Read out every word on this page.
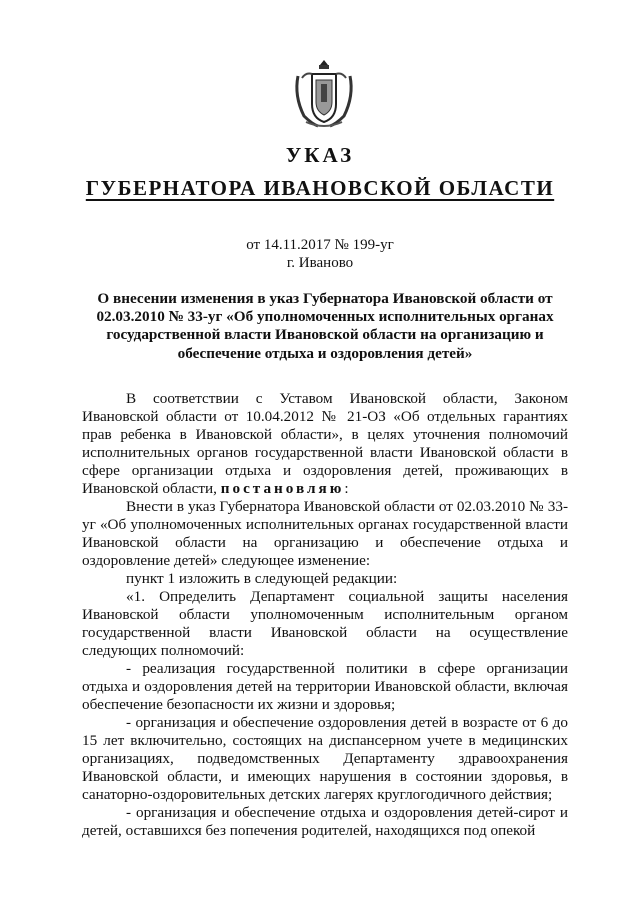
УКАЗ
ГУБЕРНАТОРА ИВАНОВСКОЙ ОБЛАСТИ
от 14.11.2017 № 199-уг
г. Иваново
О внесении изменения в указ Губернатора Ивановской области от 02.03.2010 № 33-уг «Об уполномоченных исполнительных органах государственной власти Ивановской области на организацию и обеспечение отдыха и оздоровления детей»

В соответствии с Уставом Ивановской области, Законом Ивановской области от 10.04.2012 № 21-ОЗ «Об отдельных гарантиях прав ребенка в Ивановской области», в целях уточнения полномочий исполнительных органов государственной власти Ивановской области в сфере организации отдыха и оздоровления детей, проживающих в Ивановской области, постановляю:

Внести в указ Губернатора Ивановской области от 02.03.2010 № 33-уг «Об уполномоченных исполнительных органах государственной власти Ивановской области на организацию и обеспечение отдыха и оздоровление детей» следующее изменение:

пункт 1 изложить в следующей редакции:

«1. Определить Департамент социальной защиты населения Ивановской области уполномоченным исполнительным органом государственной власти Ивановской области на осуществление следующих полномочий:

- реализация государственной политики в сфере организации отдыха и оздоровления детей на территории Ивановской области, включая обеспечение безопасности их жизни и здоровья;

- организация и обеспечение оздоровления детей в возрасте от 6 до 15 лет включительно, состоящих на диспансерном учете в медицинских организациях, подведомственных Департаменту здравоохранения Ивановской области, и имеющих нарушения в состоянии здоровья, в санаторно-оздоровительных детских лагерях круглогодичного действия;

- организация и обеспечение отдыха и оздоровления детей-сирот и детей, оставшихся без попечения родителей, находящихся под опекой
